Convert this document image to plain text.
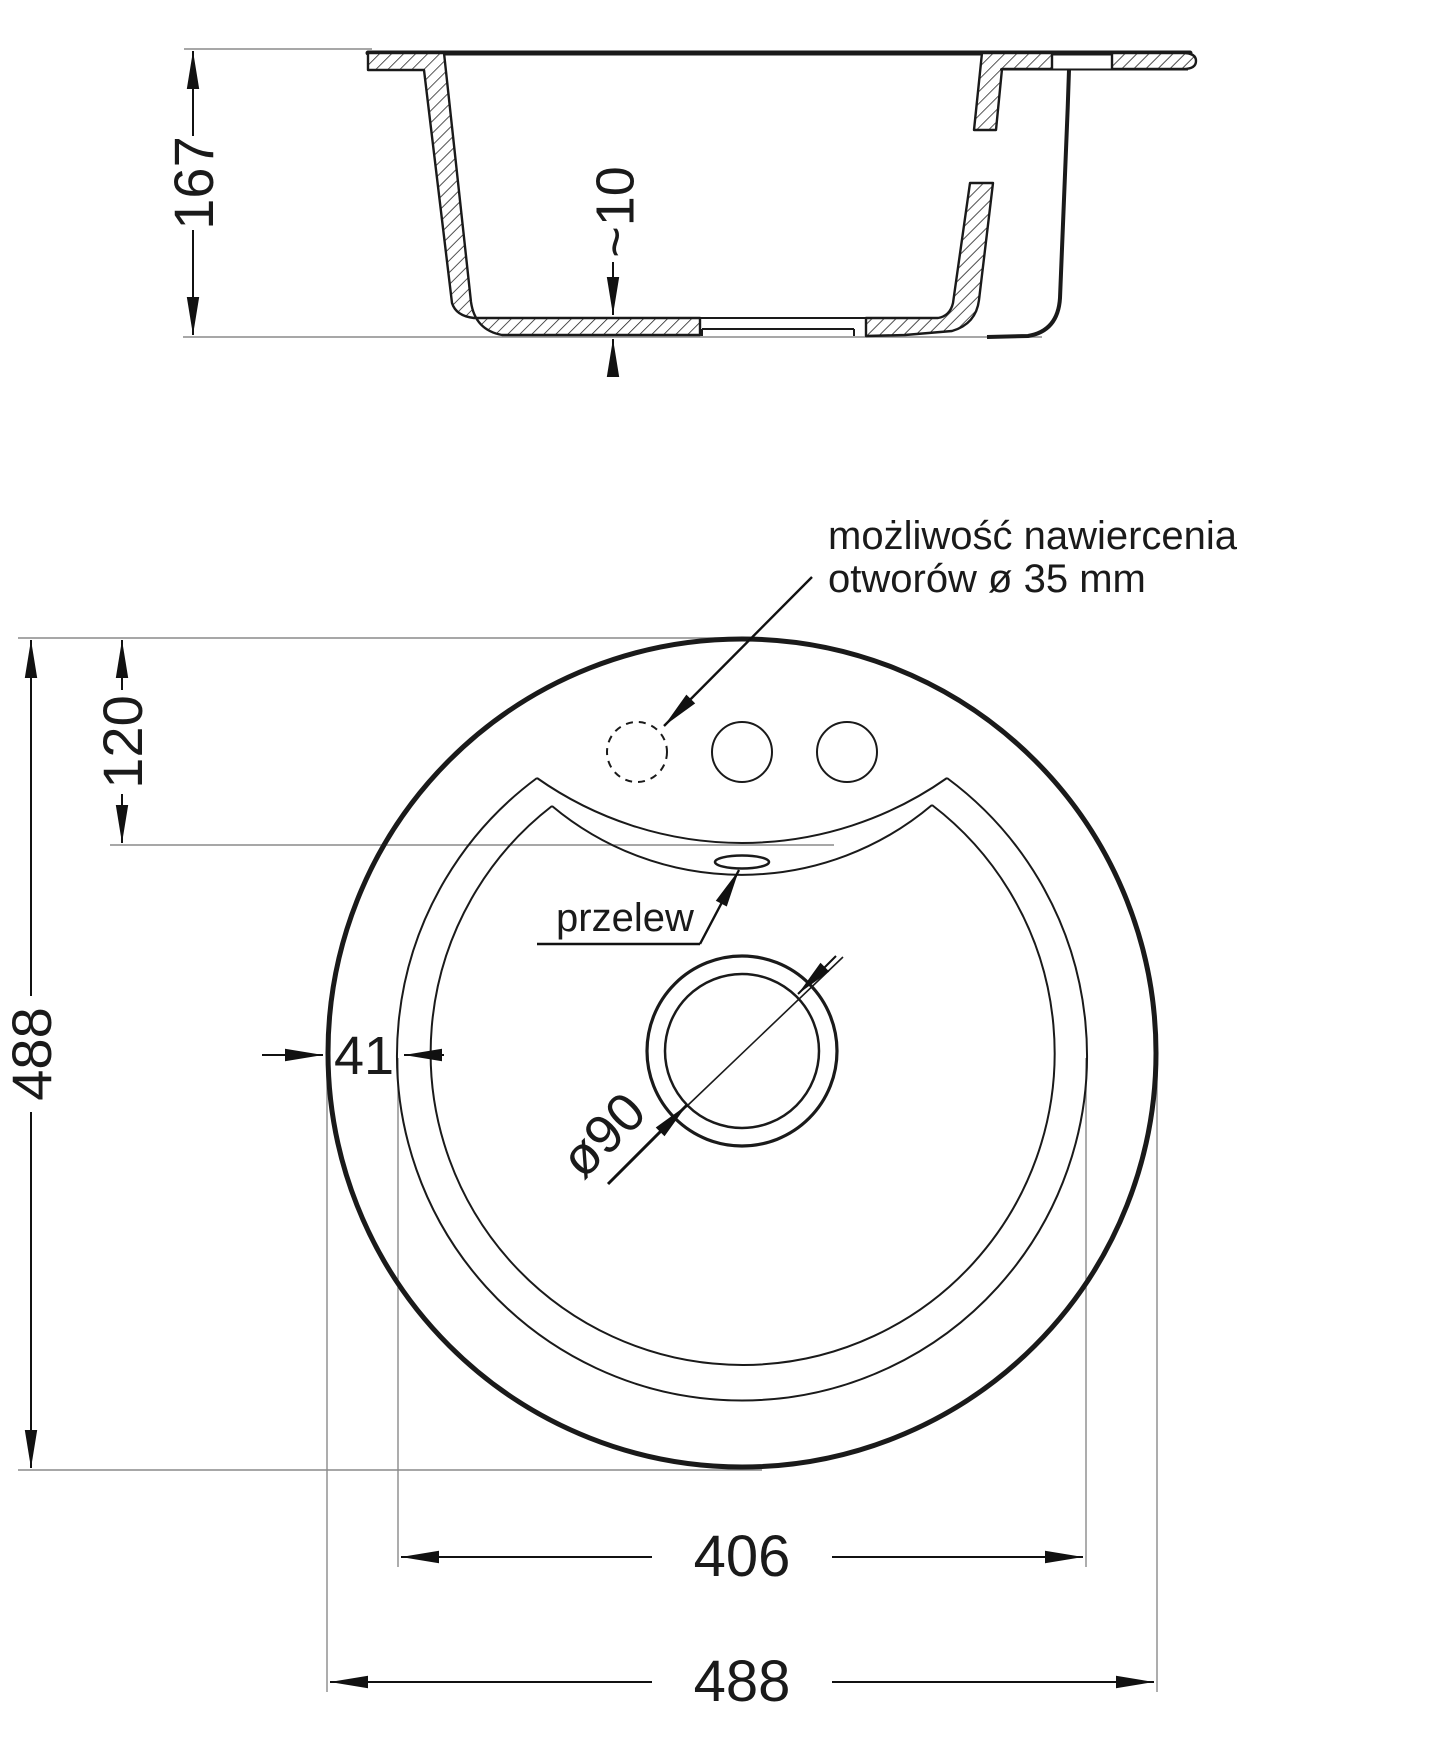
167	~10
możliwość nawiercenia
otworów ø 35 mm
przelew
ø90
120
488	41
406
488
